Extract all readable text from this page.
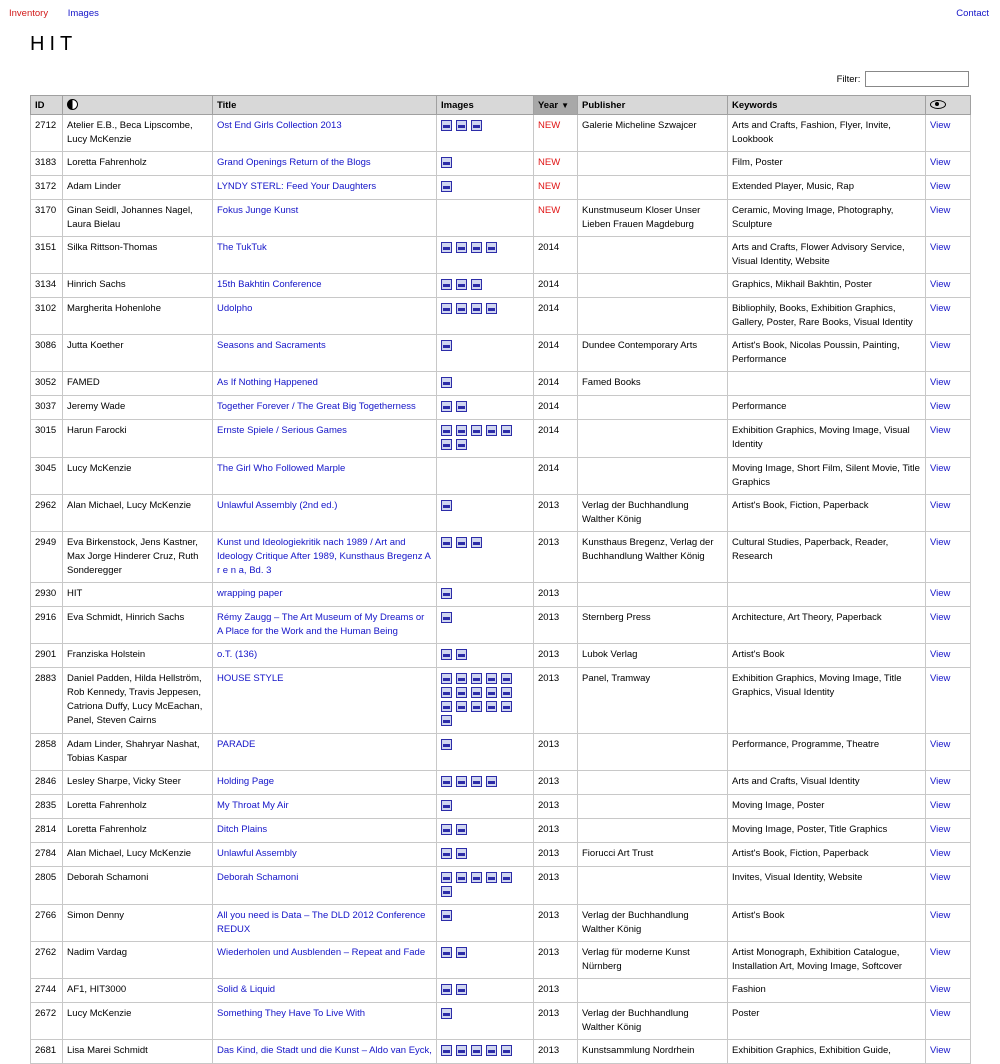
Inventory Images	Contact
HIT
Filter:
ID		Title	Images	Year ▼	Publisher	Keywords	
2712	Atelier E.B., Beca Lipscombe, Lucy McKenzie	Ost End Girls Collection 2013		NEW	Galerie Micheline Szwajcer	Arts and Crafts, Fashion, Flyer, Invite, Lookbook	View
3183	Loretta Fahrenholz	Grand Openings Return of the Blogs		NEW		Film, Poster	View
3172	Adam Linder	LYNDY STERL: Feed Your Daughters		NEW		Extended Player, Music, Rap	View
3170	Ginan Seidl, Johannes Nagel, Laura Bielau	Fokus Junge Kunst		NEW	Kunstmuseum Kloser Unser Lieben Frauen Magdeburg	Ceramic, Moving Image, Photography, Sculpture	View
3151	Silka Rittson-Thomas	The TukTuk		2014		Arts and Crafts, Flower Advisory Service, Visual Identity, Website	View
3134	Hinrich Sachs	15th Bakhtin Conference		2014		Graphics, Mikhail Bakhtin, Poster	View
3102	Margherita Hohenlohe	Udolpho		2014		Bibliophily, Books, Exhibition Graphics, Gallery, Poster, Rare Books, Visual Identity	View
3086	Jutta Koether	Seasons and Sacraments		2014	Dundee Contemporary Arts	Artist's Book, Nicolas Poussin, Painting, Performance	View
3052	FAMED	As If Nothing Happened		2014	Famed Books		View
3037	Jeremy Wade	Together Forever / The Great Big Togetherness		2014		Performance	View
3015	Harun Farocki	Ernste Spiele / Serious Games		2014		Exhibition Graphics, Moving Image, Visual Identity	View
3045	Lucy McKenzie	The Girl Who Followed Marple		2014		Moving Image, Short Film, Silent Movie, Title Graphics	View
2962	Alan Michael, Lucy McKenzie	Unlawful Assembly (2nd ed.)		2013	Verlag der Buchhandlung Walther König	Artist's Book, Fiction, Paperback	View
2949	Eva Birkenstock, Jens Kastner, Max Jorge Hinderer Cruz, Ruth Sonderegger	Kunst und Ideologiekritik nach 1989 / Art and Ideology Critique After 1989, Kunsthaus Bregenz A r e n a, Bd. 3		2013	Kunsthaus Bregenz, Verlag der Buchhandlung Walther König	Cultural Studies, Paperback, Reader, Research	View
2930	HIT	wrapping paper		2013			View
2916	Eva Schmidt, Hinrich Sachs	Rémy Zaugg – The Art Museum of My Dreams or A Place for the Work and the Human Being		2013	Sternberg Press	Architecture, Art Theory, Paperback	View
2901	Franziska Holstein	o.T. (136)		2013	Lubok Verlag	Artist's Book	View
2883	Daniel Padden, Hilda Hellström, Rob Kennedy, Travis Jeppesen, Catriona Duffy, Lucy McEachan, Panel, Steven Cairns	HOUSE STYLE		2013	Panel, Tramway	Exhibition Graphics, Moving Image, Title Graphics, Visual Identity	View
2858	Adam Linder, Shahryar Nashat, Tobias Kaspar	PARADE		2013		Performance, Programme, Theatre	View
2846	Lesley Sharpe, Vicky Steer	Holding Page		2013		Arts and Crafts, Visual Identity	View
2835	Loretta Fahrenholz	My Throat My Air		2013		Moving Image, Poster	View
2814	Loretta Fahrenholz	Ditch Plains		2013		Moving Image, Poster, Title Graphics	View
2784	Alan Michael, Lucy McKenzie	Unlawful Assembly		2013	Fiorucci Art Trust	Artist's Book, Fiction, Paperback	View
2805	Deborah Schamoni	Deborah Schamoni		2013		Invites, Visual Identity, Website	View
2766	Simon Denny	All you need is Data – The DLD 2012 Conference REDUX		2013	Verlag der Buchhandlung Walther König	Artist's Book	View
2762	Nadim Vardag	Wiederholen und Ausblenden – Repeat and Fade		2013	Verlag für moderne Kunst Nürnberg	Artist Monograph, Exhibition Catalogue, Installation Art, Moving Image, Softcover	View
2744	AF1, HIT3000	Solid & Liquid		2013		Fashion	View
2672	Lucy McKenzie	Something They Have To Live With		2013	Verlag der Buchhandlung Walther König	Poster	View
2681	Lisa Marei Schmidt	Das Kind, die Stadt und die Kunst – Aldo van Eyck,		2013	Kunstsammlung Nordrhein	Exhibition Graphics, Exhibition Guide,	View
